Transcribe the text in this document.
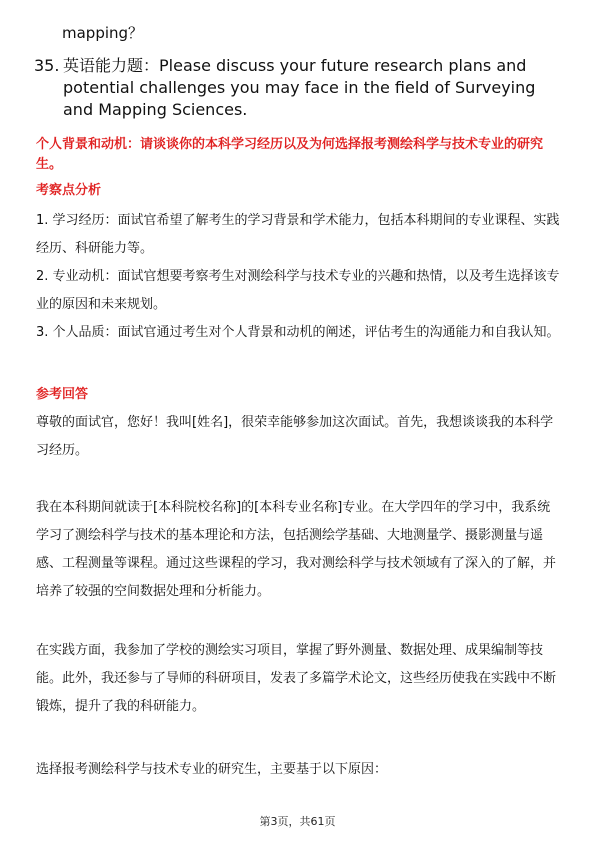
mapping？

35. 英语能力题：Please discuss your future research plans and potential challenges you may face in the field of Surveying and Mapping Sciences.

个人背景和动机：请谈谈你的本科学习经历以及为何选择报考测绘科学与技术专业的研究生。

考察点分析

1. 学习经历：面试官希望了解考生的学习背景和学术能力，包括本科期间的专业课程、实践经历、科研能力等。

2. 专业动机：面试官想要考察考生对测绘科学与技术专业的兴趣和热情，以及考生选择该专业的原因和未来规划。

3. 个人品质：面试官通过考生对个人背景和动机的阐述，评估考生的沟通能力和自我认知。

参考回答

尊敬的面试官，您好！我叫[姓名]，很荣幸能够参加这次面试。首先，我想谈谈我的本科学习经历。

我在本科期间就读于[本科院校名称]的[本科专业名称]专业。在大学四年的学习中，我系统学习了测绘科学与技术的基本理论和方法，包括测绘学基础、大地测量学、摄影测量与遥感、工程测量等课程。通过这些课程的学习，我对测绘科学与技术领域有了深入的了解，并培养了较强的空间数据处理和分析能力。

在实践方面，我参加了学校的测绘实习项目，掌握了野外测量、数据处理、成果编制等技能。此外，我还参与了导师的科研项目，发表了多篇学术论文，这些经历使我在实践中不断锻炼，提升了我的科研能力。

选择报考测绘科学与技术专业的研究生，主要基于以下原因：

第3页，共61页
